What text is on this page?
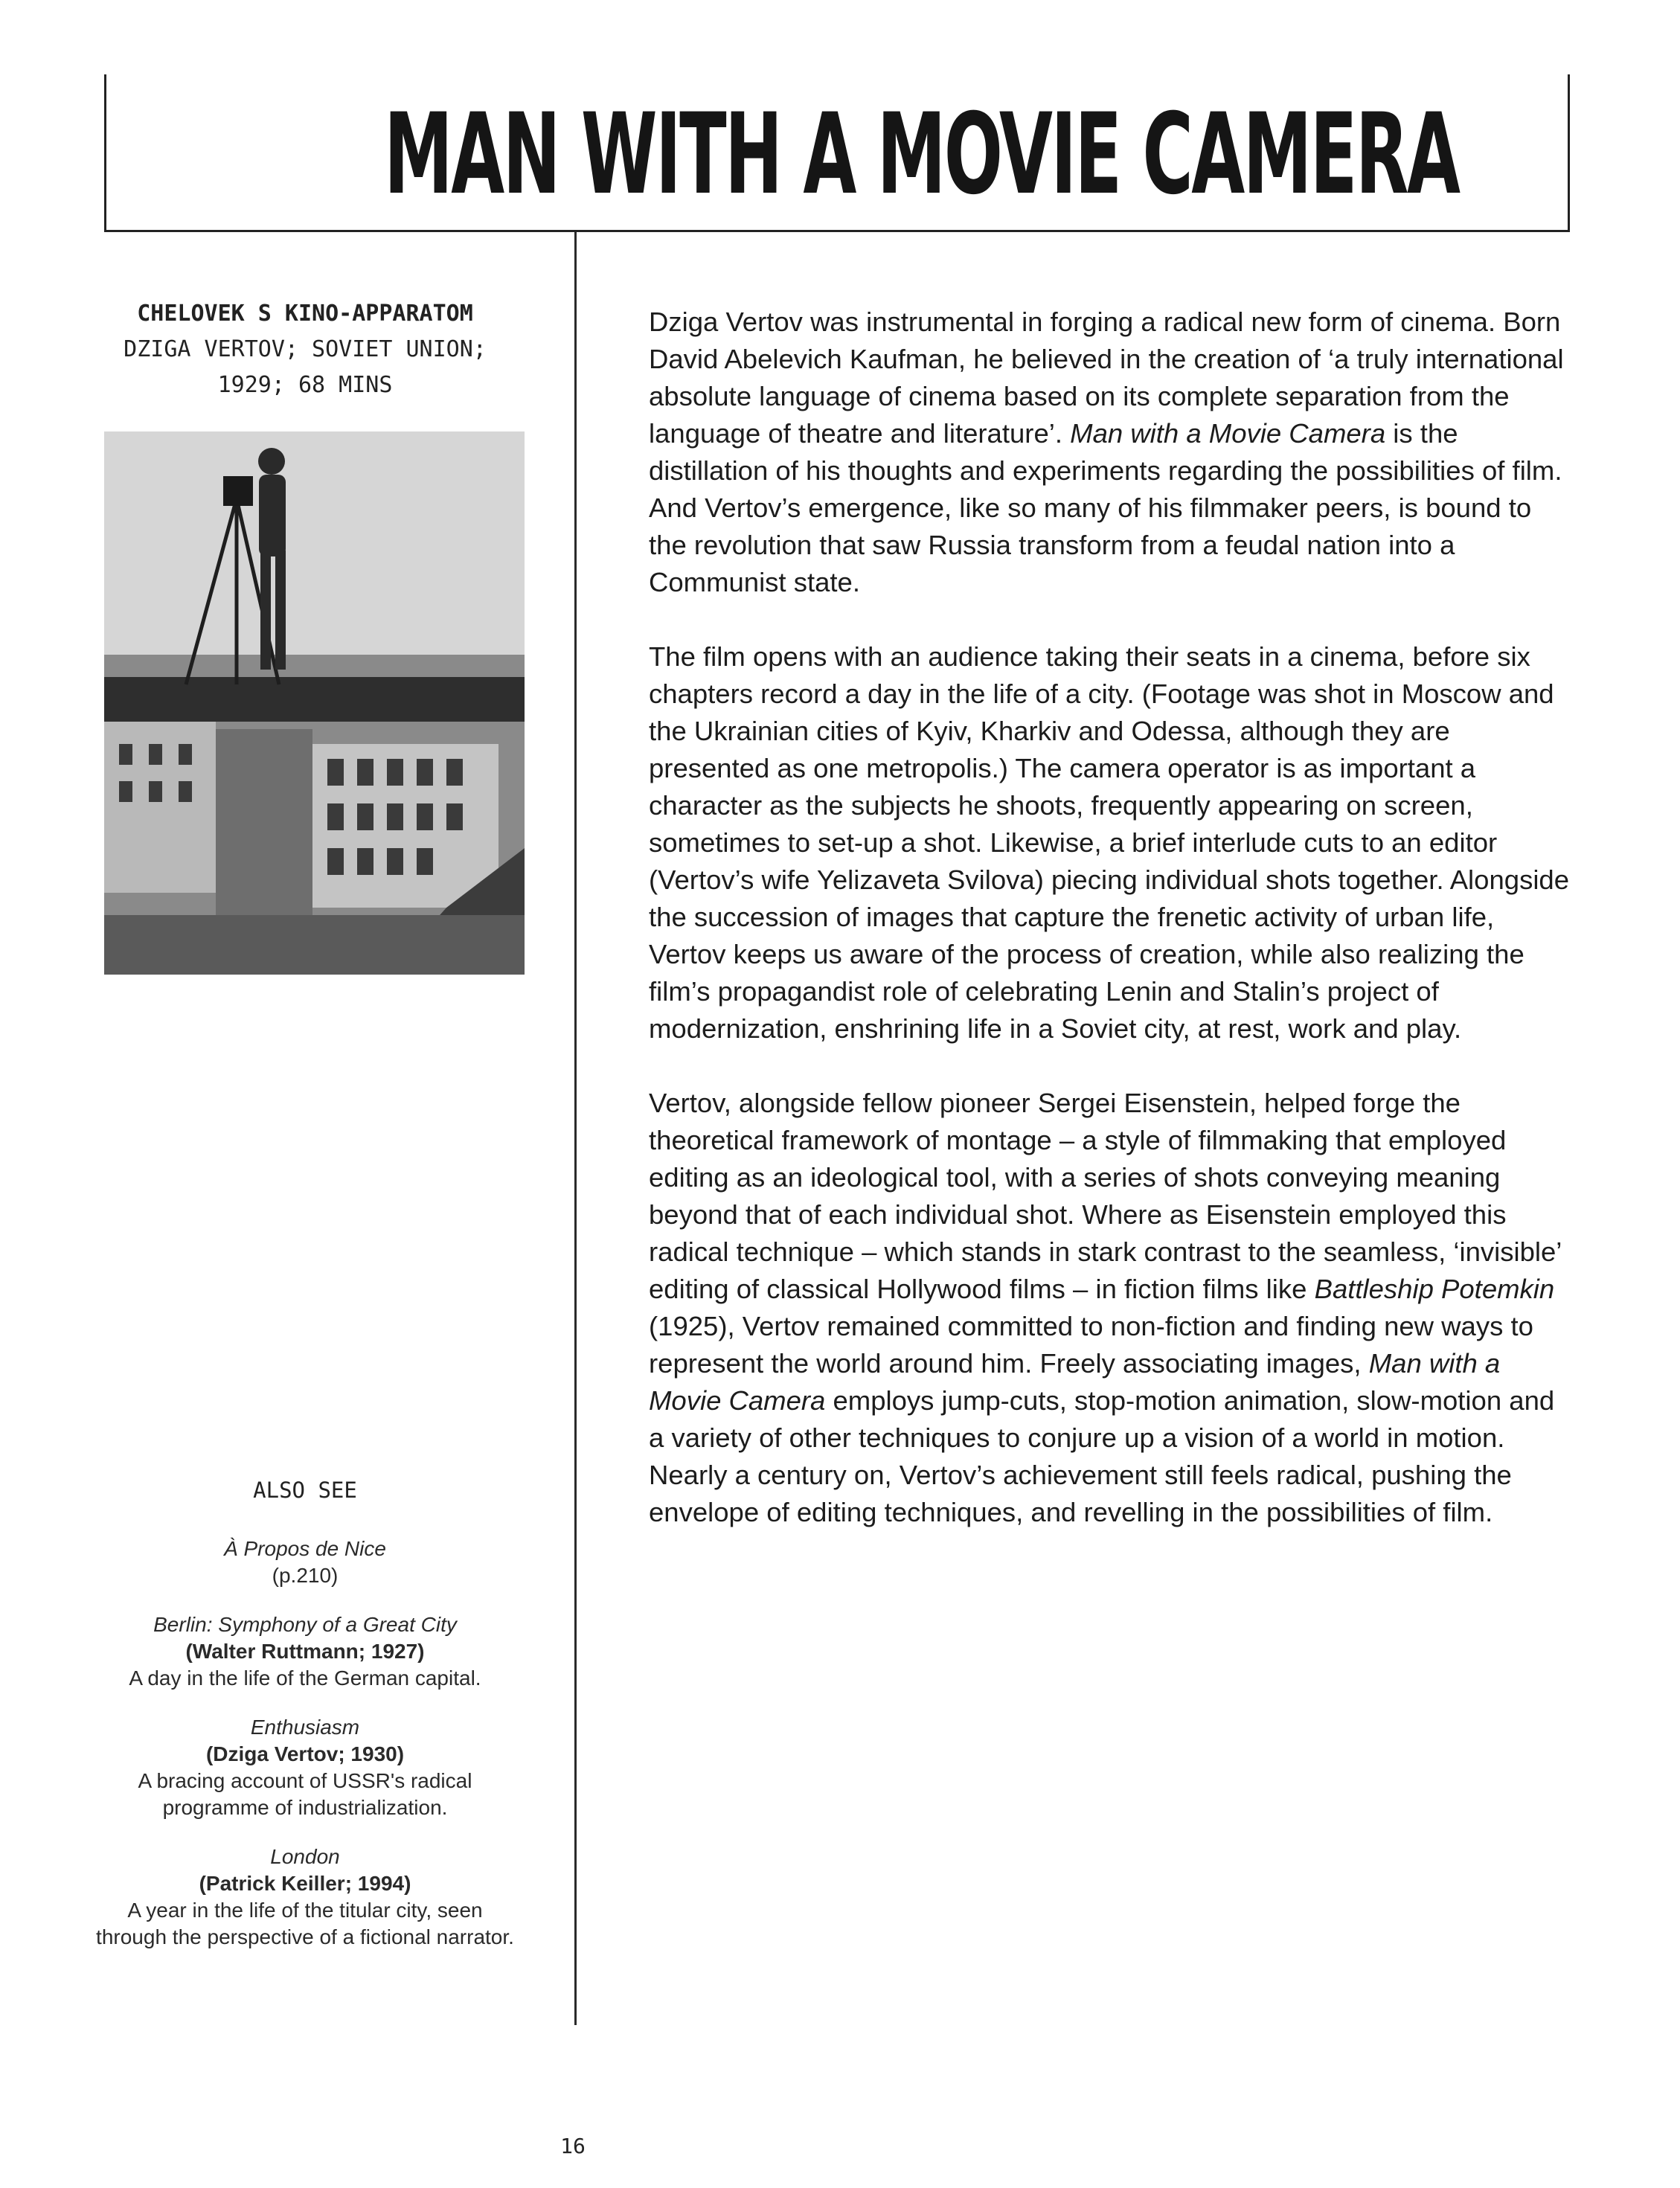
MAN WITH A MOVIE CAMERA
CHELOVEK S KINO-APPARATOM
DZIGA VERTOV; SOVIET UNION;
1929; 68 MINS
ALSO SEE
À Propos de Nice
(p.210)
Berlin: Symphony of a Great City
(Walter Ruttmann; 1927)
A day in the life of the German capital.
Enthusiasm
(Dziga Vertov; 1930)
A bracing account of USSR's radical programme of industrialization.
London
(Patrick Keiller; 1994)
A year in the life of the titular city, seen through the perspective of a fictional narrator.

Dziga Vertov was instrumental in forging a radical new form of cinema. Born David Abelevich Kaufman, he believed in the creation of ‘a truly international absolute language of cinema based on its complete separation from the language of theatre and literature’. Man with a Movie Camera is the distillation of his thoughts and experiments regarding the possibilities of film. And Vertov’s emergence, like so many of his filmmaker peers, is bound to the revolution that saw Russia transform from a feudal nation into a Communist state.

The film opens with an audience taking their seats in a cinema, before six chapters record a day in the life of a city. (Footage was shot in Moscow and the Ukrainian cities of Kyiv, Kharkiv and Odessa, although they are presented as one metropolis.) The camera operator is as important a character as the subjects he shoots, frequently appearing on screen, sometimes to set-up a shot. Likewise, a brief interlude cuts to an editor (Vertov’s wife Yelizaveta Svilova) piecing individual shots together. Alongside the succession of images that capture the frenetic activity of urban life, Vertov keeps us aware of the process of creation, while also realizing the film’s propagandist role of celebrating Lenin and Stalin’s project of modernization, enshrining life in a Soviet city, at rest, work and play.

Vertov, alongside fellow pioneer Sergei Eisenstein, helped forge the theoretical framework of montage – a style of filmmaking that employed editing as an ideological tool, with a series of shots conveying meaning beyond that of each individual shot. Where as Eisenstein employed this radical technique – which stands in stark contrast to the seamless, ‘invisible’ editing of classical Hollywood films – in fiction films like Battleship Potemkin (1925), Vertov remained committed to non-fiction and finding new ways to represent the world around him. Freely associating images, Man with a Movie Camera employs jump-cuts, stop-motion animation, slow-motion and a variety of other techniques to conjure up a vision of a world in motion. Nearly a century on, Vertov’s achievement still feels radical, pushing the envelope of editing techniques, and revelling in the possibilities of film.

16
